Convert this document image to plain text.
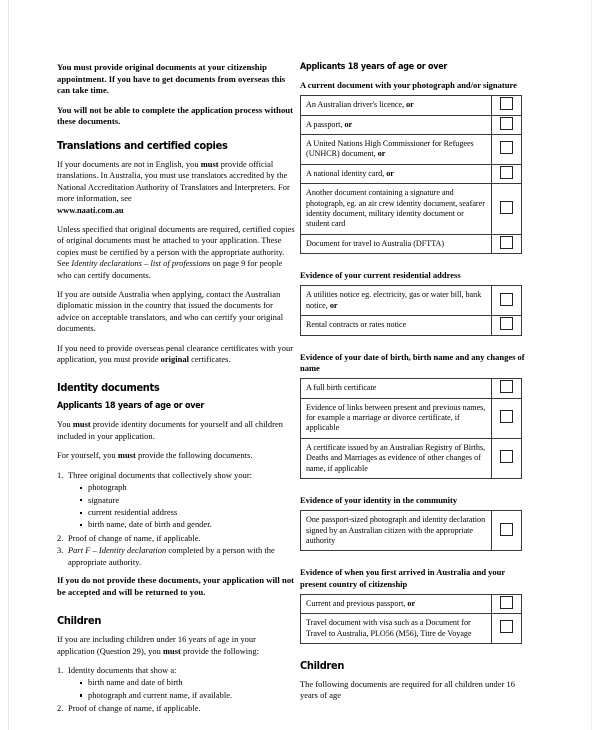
You must provide original documents at your citizenship appointment. If you have to get documents from overseas this can take time.

You will not be able to complete the application process without these documents.

Translations and certified copies

If your documents are not in English, you must provide official translations. In Australia, you must use translators accredited by the National Accreditation Authority of Translators and Interpreters. For more information, see
www.naati.com.au

Unless specified that original documents are required, certified copies of original documents must be attached to your application. These copies must be certified by a person with the appropriate authority. See Identity declarations – list of professions on page 9 for people who can certify documents.

If you are outside Australia when applying, contact the Australian diplomatic mission in the country that issued the documents for advice on acceptable translators, and who can certify your original documents.

If you need to provide overseas penal clearance certificates with your application, you must provide original certificates.

Identity documents
Applicants 18 years of age or over

You must provide identity documents for yourself and all children included in your application.

For yourself, you must provide the following documents.

1. Three original documents that collectively show your:
photograph
signature
current residential address
birth name, date of birth and gender.
2. Proof of change of name, if applicable.
3. Part F – Identity declaration completed by a person with the appropriate authority.

If you do not provide these documents, your application will not be accepted and will be returned to you.

Children

If you are including children under 16 years of age in your application (Question 29), you must provide the following:

1. Identity documents that show a:
birth name and date of birth
photograph and current name, if available.
2. Proof of change of name, if applicable.
Applicants 18 years of age or over
A current document with your photograph and/or signature
An Australian driver's licence, or	
A passport, or	
A United Nations High Commissioner for Refugees (UNHCR) document, or	
A national identity card, or	
Another document containing a signature and photograph, eg. an air crew identity document, seafarer identity document, military identity document or student card	
Document for travel to Australia (DFTTA)	
Evidence of your current residential address
A utilities notice eg. electricity, gas or water bill, bank notice, or	
Rental contracts or rates notice	
Evidence of your date of birth, birth name and any changes of name
A full birth certificate	
Evidence of links between present and previous names, for example a marriage or divorce certificate, if applicable	
A certificate issued by an Australian Registry of Births, Deaths and Marriages as evidence of other changes of name, if applicable	
Evidence of your identity in the community
One passport-sized photograph and identity declaration signed by an Australian citizen with the appropriate authority	
Evidence of when you first arrived in Australia and your present country of citizenship
Current and previous passport, or	
Travel document with visa such as a Document for Travel to Australia, PLO56 (M56), Titre de Voyage	
Children

The following documents are required for all children under 16 years of age
